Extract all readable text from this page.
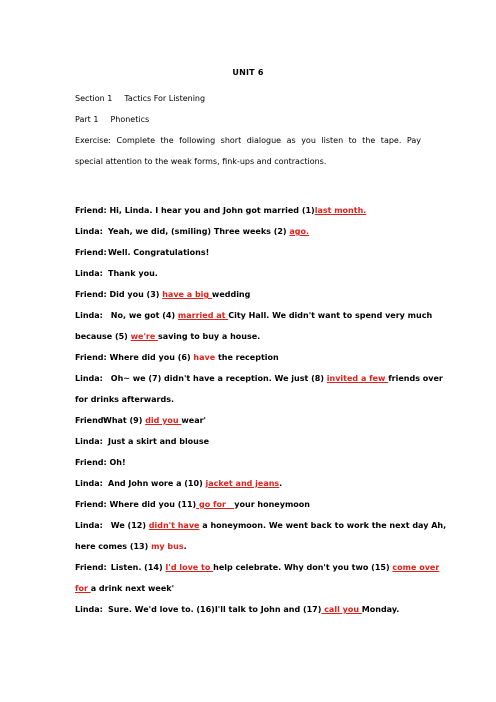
UNIT 6
Section 1 Tactics For Listening
Part 1 Phonetics
Exercise: Complete the following short dialogue as you listen to the tape. Pay
special attention to the weak forms, fink-ups and contractions.
Friend: Hi, Linda. I hear you and John got married (1)last month.
Linda: Yeah, we did, (smiling) Three weeks (2) ago.
Friend:Well. Congratulations!
Linda: Thank you.
Friend: Did you (3) have a big wedding
Linda: No, we got (4) married at City Hall. We didn't want to spend very much
because (5) we're saving to buy a house.
Friend: Where did you (6) have the reception
Linda: Oh~ we (7) didn't have a reception. We just (8) invited a few friends over
for drinks afterwards.
Friend:What (9) did you wear'
Linda: Just a skirt and blouse
Friend: Oh!
Linda: And John wore a (10) jacket and jeans.
Friend: Where did you (11) go for   your honeymoon
Linda: We (12) didn't have a honeymoon. We went back to work the next day Ah,
here comes (13) my bus.
Friend: Listen. (14) I'd love to help celebrate. Why don't you two (15) come over
for a drink next week'
Linda: Sure. We'd love to. (16)I'll talk to John and (17) call you Monday.
